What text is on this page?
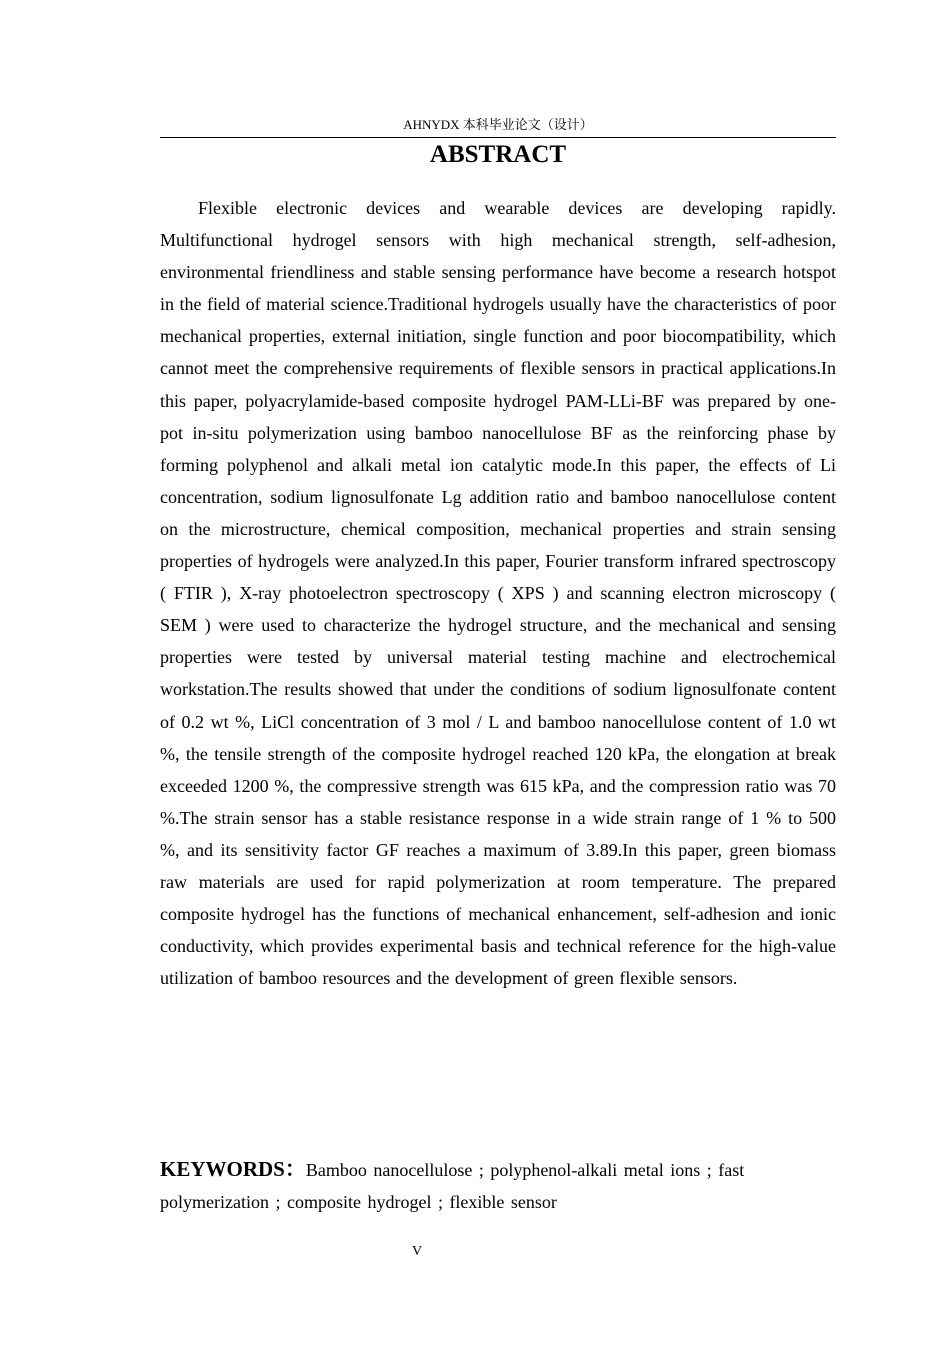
AHNYDX 本科毕业论文（设计）
ABSTRACT

Flexible electronic devices and wearable devices are developing rapidly. Multifunctional hydrogel sensors with high mechanical strength, self-adhesion, environmental friendliness and stable sensing performance have become a research hotspot in the field of material science.Traditional hydrogels usually have the characteristics of poor mechanical properties, external initiation, single function and poor biocompatibility, which cannot meet the comprehensive requirements of flexible sensors in practical applications.In this paper, polyacrylamide-based composite hydrogel PAM-LLi-BF was prepared by one-pot in-situ polymerization using bamboo nanocellulose BF as the reinforcing phase by forming polyphenol and alkali metal ion catalytic mode.In this paper, the effects of Li concentration, sodium lignosulfonate Lg addition ratio and bamboo nanocellulose content on the microstructure, chemical composition, mechanical properties and strain sensing properties of hydrogels were analyzed.In this paper, Fourier transform infrared spectroscopy ( FTIR ), X-ray photoelectron spectroscopy ( XPS ) and scanning electron microscopy ( SEM ) were used to characterize the hydrogel structure, and the mechanical and sensing properties were tested by universal material testing machine and electrochemical workstation.The results showed that under the conditions of sodium lignosulfonate content of 0.2 wt %, LiCl concentration of 3 mol / L and bamboo nanocellulose content of 1.0 wt %, the tensile strength of the composite hydrogel reached 120 kPa, the elongation at break exceeded 1200 %, the compressive strength was 615 kPa, and the compression ratio was 70 %.The strain sensor has a stable resistance response in a wide strain range of 1 % to 500 %, and its sensitivity factor GF reaches a maximum of 3.89.In this paper, green biomass raw materials are used for rapid polymerization at room temperature. The prepared composite hydrogel has the functions of mechanical enhancement, self-adhesion and ionic conductivity, which provides experimental basis and technical reference for the high-value utilization of bamboo resources and the development of green flexible sensors.

KEYWORDS：Bamboo nanocellulose ; polyphenol-alkali metal ions ; fast polymerization ; composite hydrogel ; flexible sensor

V
